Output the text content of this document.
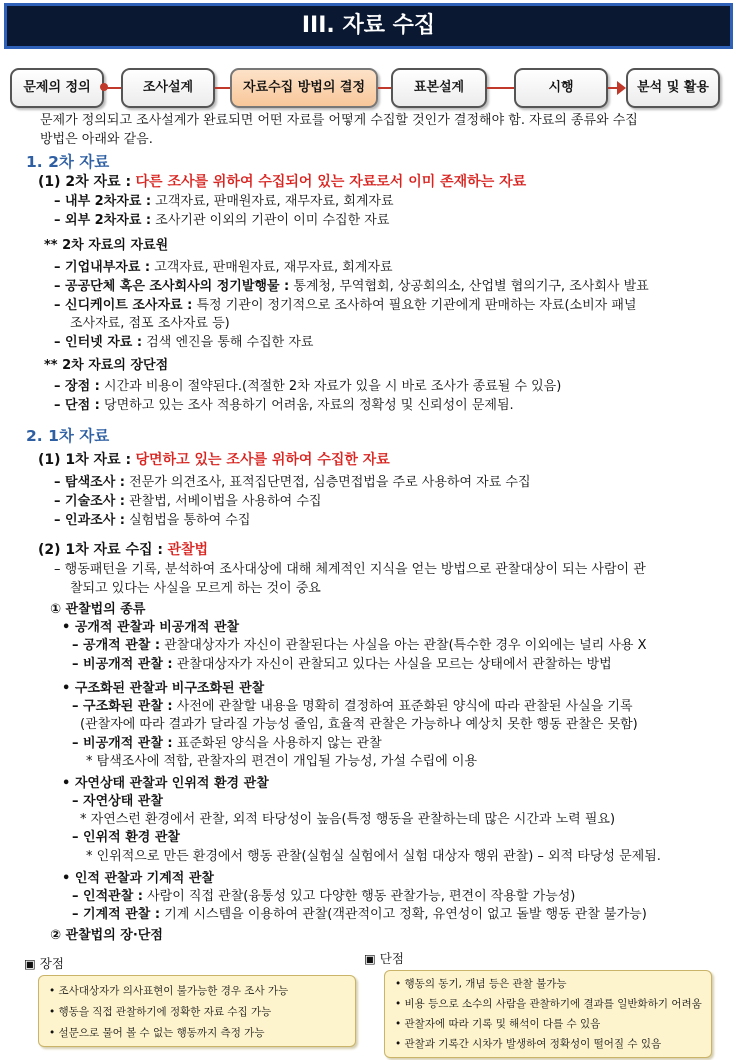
III. 자료 수집
문제의 정의	조사설계	자료수집 방법의 결정	표본설계	시행	분석 및 활용
문제가 정의되고 조사설계가 완료되면 어떤 자료를 어떻게 수집할 것인가 결정해야 함. 자료의 종류와 수집
방법은 아래와 같음.
1. 2차 자료
(1) 2차 자료 : 다른 조사를 위하여 수집되어 있는 자료로서 이미 존재하는 자료
– 내부 2차자료 : 고객자료, 판매원자료, 재무자료, 회계자료
– 외부 2차자료 : 조사기관 이외의 기관이 이미 수집한 자료
** 2차 자료의 자료원
– 기업내부자료 : 고객자료, 판매원자료, 재무자료, 회계자료
– 공공단체 혹은 조사회사의 정기발행물 : 통계청, 무역협회, 상공회의소, 산업별 협의기구, 조사회사 발표
– 신디케이트 조사자료 : 특정 기관이 정기적으로 조사하여 필요한 기관에게 판매하는 자료(소비자 패널
조사자료, 점포 조사자료 등)
– 인터넷 자료 : 검색 엔진을 통해 수집한 자료
** 2차 자료의 장단점
– 장점 : 시간과 비용이 절약된다.(적절한 2차 자료가 있을 시 바로 조사가 종료될 수 있음)
– 단점 : 당면하고 있는 조사 적용하기 어려움, 자료의 정확성 및 신뢰성이 문제됨.
2. 1차 자료
(1) 1차 자료 : 당면하고 있는 조사를 위하여 수집한 자료
– 탐색조사 : 전문가 의견조사, 표적집단면접, 심층면접법을 주로 사용하여 자료 수집
– 기술조사 : 관찰법, 서베이법을 사용하여 수집
– 인과조사 : 실험법을 통하여 수집
(2) 1차 자료 수집 : 관찰법
– 행동패턴을 기록, 분석하여 조사대상에 대해 체계적인 지식을 얻는 방법으로 관찰대상이 되는 사람이 관
찰되고 있다는 사실을 모르게 하는 것이 중요
① 관찰법의 종류
• 공개적 관찰과 비공개적 관찰
– 공개적 관찰 : 관찰대상자가 자신이 관찰된다는 사실을 아는 관찰(특수한 경우 이외에는 널리 사용 X
– 비공개적 관찰 : 관찰대상자가 자신이 관찰되고 있다는 사실을 모르는 상태에서 관찰하는 방법
• 구조화된 관찰과 비구조화된 관찰
– 구조화된 관찰 : 사전에 관찰할 내용을 명확히 결정하여 표준화된 양식에 따라 관찰된 사실을 기록
(관찰자에 따라 결과가 달라질 가능성 줄임, 효율적 관찰은 가능하나 예상치 못한 행동 관찰은 못함)
– 비공개적 관찰 : 표준화된 양식을 사용하지 않는 관찰
* 탐색조사에 적합, 관찰자의 편견이 개입될 가능성, 가설 수립에 이용
• 자연상태 관찰과 인위적 환경 관찰
– 자연상태 관찰
* 자연스런 환경에서 관찰, 외적 타당성이 높음(특정 행동을 관찰하는데 많은 시간과 노력 필요)
– 인위적 환경 관찰
* 인위적으로 만든 환경에서 행동 관찰(실험실 실험에서 실험 대상자 행위 관찰) – 외적 타당성 문제됨.
• 인적 관찰과 기계적 관찰
– 인적관찰 : 사람이 직접 관찰(융통성 있고 다양한 행동 관찰가능, 편견이 작용할 가능성)
– 기계적 관찰 : 기계 시스템을 이용하여 관찰(객관적이고 정확, 유연성이 없고 돌발 행동 관찰 불가능)
② 관찰법의 장·단점
▣ 장점
• 조사대상자가 의사표현이 불가능한 경우 조사 가능
• 행동을 직접 관찰하기에 정확한 자료 수집 가능
• 설문으로 물어 볼 수 없는 행동까지 측정 가능
▣ 단점
• 행동의 동기, 개념 등은 관찰 불가능
• 비용 등으로 소수의 사람을 관찰하기에 결과를 일반화하기 어려움
• 관찰자에 따라 기록 및 해석이 다를 수 있음
• 관찰과 기록간 시차가 발생하여 정확성이 떨어질 수 있음
